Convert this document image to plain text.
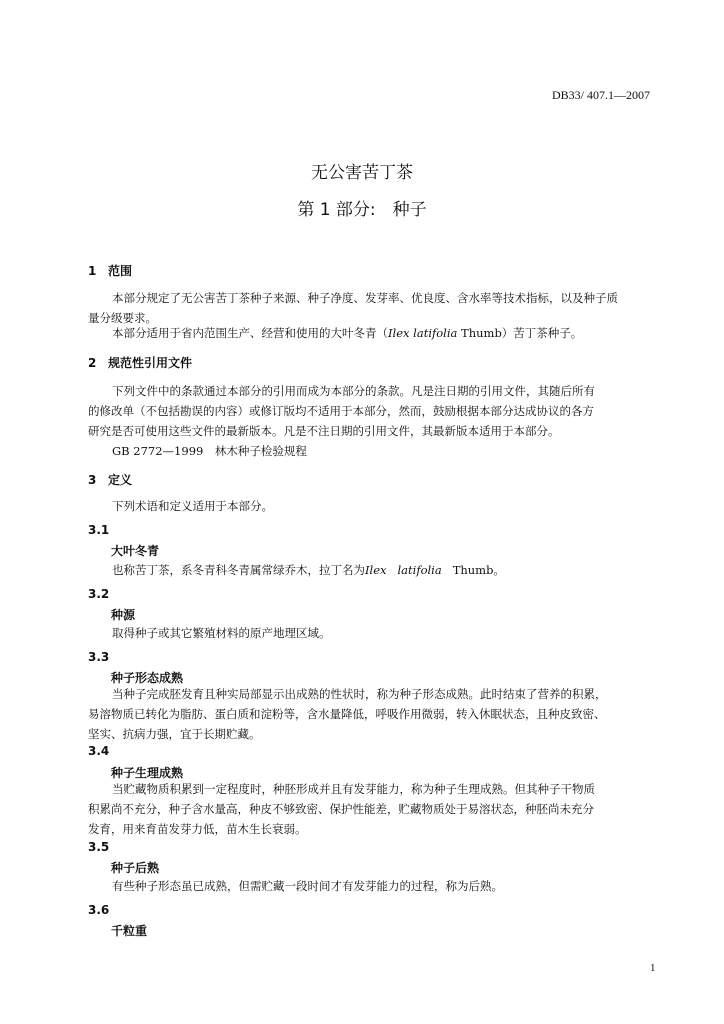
DB33/ 407.1—2007
无公害苦丁茶
第 1 部分:　种子
1 范围
本部分规定了无公害苦丁茶种子来源、种子净度、发芽率、优良度、含水率等技术指标，以及种子质
量分级要求。
本部分适用于省内范围生产、经营和使用的大叶冬青（Ilex latifolia Thumb）苦丁茶种子。
2 规范性引用文件
下列文件中的条款通过本部分的引用而成为本部分的条款。凡是注日期的引用文件，其随后所有
的修改单（不包括勘误的内容）或修订版均不适用于本部分，然而，鼓励根据本部分达成协议的各方
研究是否可使用这些文件的最新版本。凡是不注日期的引用文件，其最新版本适用于本部分。
GB 2772—1999　林木种子检验规程
3 定义
下列术语和定义适用于本部分。
3.1
大叶冬青
也称苦丁茶，系冬青科冬青属常绿乔木，拉丁名为Ilex latifolia Thumb。
3.2
种源
取得种子或其它繁殖材料的原产地理区域。
3.3
种子形态成熟
当种子完成胚发育且种实局部显示出成熟的性状时，称为种子形态成熟。此时结束了营养的积累，
易溶物质已转化为脂肪、蛋白质和淀粉等，含水量降低，呼吸作用微弱，转入休眠状态，且种皮致密、
坚实、抗病力强，宜于长期贮藏。
3.4
种子生理成熟
当贮藏物质积累到一定程度时，种胚形成并且有发芽能力，称为种子生理成熟。但其种子干物质
积累尚不充分，种子含水量高，种皮不够致密、保护性能差，贮藏物质处于易溶状态，种胚尚未充分
发育，用来育苗发芽力低，苗木生长衰弱。
3.5
种子后熟
有些种子形态虽已成熟，但需贮藏一段时间才有发芽能力的过程，称为后熟。
3.6
千粒重
1
